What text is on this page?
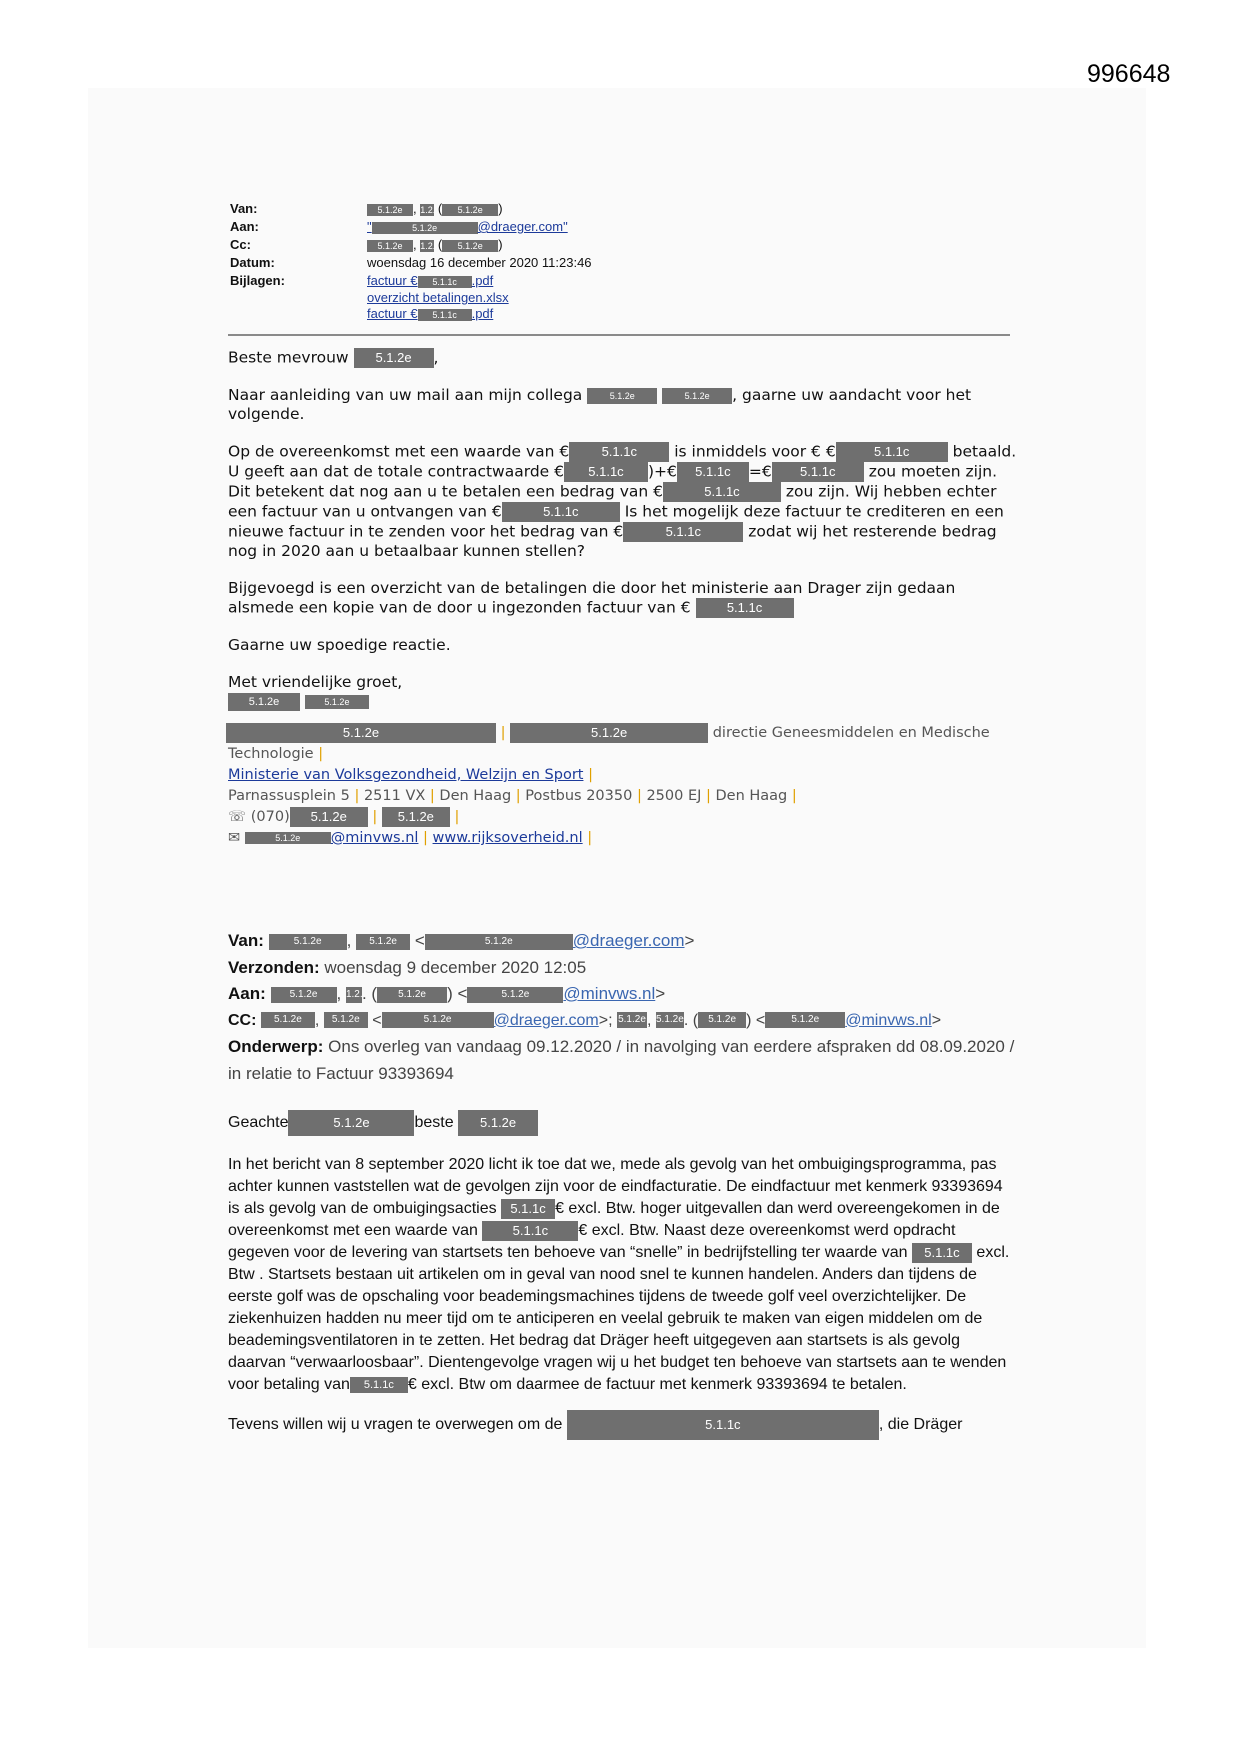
996648
Van:	5.1.2e , 1.2. ( 5.1.2e )
Aan:	"	5.1.2e	@draeger.com"
Cc:	5.1.2e , 1.2. ( 5.1.2e )
Datum:	woensdag 16 december 2020 11:23:46
Bijlagen:	factuur € 5.1.1c .pdf
overzicht betalingen.xlsx
factuur € 5.1.1c .pdf

Beste mevrouw 5.1.2e ,

Naar aanleiding van uw mail aan mijn collega	5.1.2e	5.1.2e , gaarne uw aandacht voor het volgende.

Op de overeenkomst met een waarde van € 5.1.1c is inmiddels voor € €	5.1.1c	betaald. U geeft aan dat de totale contractwaarde € 5.1.1c )+€ 5.1.1c =€ 5.1.1c zou moeten zijn. Dit betekent dat nog aan u te betalen een bedrag van €	5.1.1c	zou zijn. Wij hebben echter een factuur van u ontvangen van €	5.1.1c	Is het mogelijk deze factuur te crediteren en een nieuwe factuur in te zenden voor het bedrag van €	5.1.1c	zodat wij het resterende bedrag nog in 2020 aan u betaalbaar kunnen stellen?

Bijgevoegd is een overzicht van de betalingen die door het ministerie aan Drager zijn gedaan alsmede een kopie van de door u ingezonden factuur van €	5.1.1c

Gaarne uw spoedige reactie.

Met vriendelijke groet,
5.1.2e	5.1.2e

5.1.2e	|	5.1.2e	directie Geneesmiddelen en Medische Technologie |
Ministerie van Volksgezondheid, Welzijn en Sport |
Parnassusplein 5 | 2511 VX | Den Haag | Postbus 20350 | 2500 EJ | Den Haag |
☏ (070) 5.1.2e | 5.1.2e |
✉	5.1.2e @minvws.nl | www.rijksoverheid.nl |
Van:	5.1.2e , 5.1.2e <	5.1.2e	@draeger.com>
Verzonden: woensdag 9 december 2020 12:05
Aan: 5.1.2e , 1.2.. ( 5.1.2e ) <	5.1.2e @minvws.nl>
CC: 5.1.2e , 5.1.2e <	5.1.2e	@draeger.com>; 5.1.2e, 5.1.2e. ( 5.1.2e ) <	5.1.2e @minvws.nl>
Onderwerp: Ons overleg van vandaag 09.12.2020 / in navolging van eerdere afspraken dd 08.09.2020 / in relatie to Factuur 93393694

Geachte	5.1.2e	beste 5.1.2e

In het bericht van 8 september 2020 licht ik toe dat we, mede als gevolg van het ombuigingsprogramma, pas achter kunnen vaststellen wat de gevolgen zijn voor de eindfacturatie. De eindfactuur met kenmerk 93393694 is als gevolg van de ombuigingsacties 5.1.1c € excl. Btw. hoger uitgevallen dan werd overeengekomen in de overeenkomst met een waarde van	5.1.1c € excl. Btw. Naast deze overeenkomst werd opdracht gegeven voor de levering van startsets ten behoeve van “snelle” in bedrijfstelling ter waarde van 5.1.1c excl. Btw . Startsets bestaan uit artikelen om in geval van nood snel te kunnen handelen. Anders dan tijdens de eerste golf was de opschaling voor beademingsmachines tijdens de tweede golf veel overzichtelijker. De ziekenhuizen hadden nu meer tijd om te anticiperen en veelal gebruik te maken van eigen middelen om de beademingsventilatoren in te zetten. Het bedrag dat Dräger heeft uitgegeven aan startsets is als gevolg daarvan “verwaarloosbaar”. Dientengevolge vragen wij u het budget ten behoeve van startsets aan te wenden voor betaling van 5.1.1c € excl. Btw om daarmee de factuur met kenmerk 93393694 te betalen.

Tevens willen wij u vragen te overwegen om de	5.1.1c	, die Dräger
